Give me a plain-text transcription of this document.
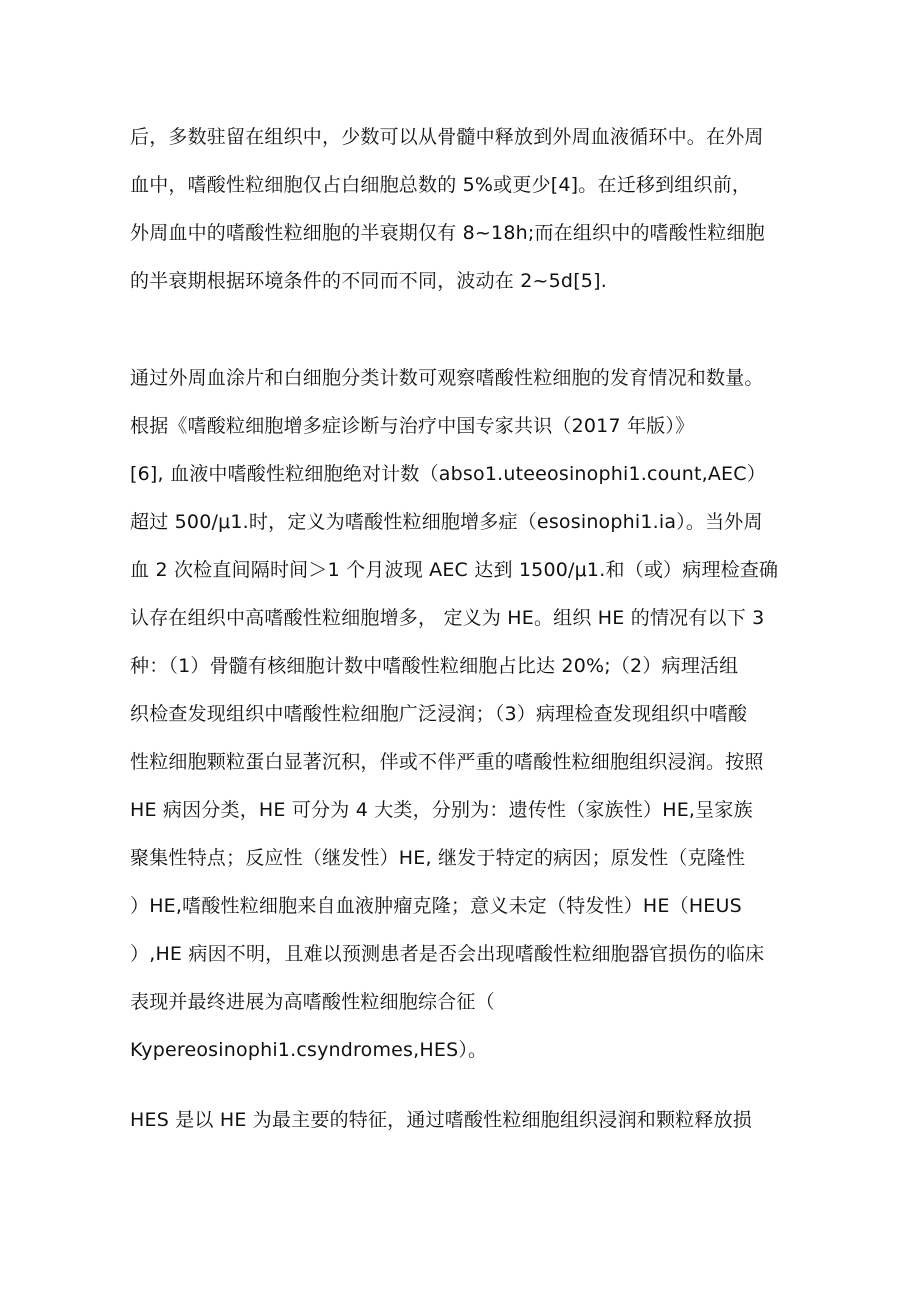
后，多数驻留在组织中，少数可以从骨髓中释放到外周血液循环中。在外周
血中，嗜酸性粒细胞仅占白细胞总数的 5%或更少[4]。在迁移到组织前，
外周血中的嗜酸性粒细胞的半衰期仅有 8~18h;而在组织中的嗜酸性粒细胞
的半衰期根据环境条件的不同而不同，波动在 2~5d[5].
通过外周血涂片和白细胞分类计数可观察嗜酸性粒细胞的发育情况和数量。
根据《嗜酸粒细胞增多症诊断与治疗中国专家共识（2017 年版）》
[6], 血液中嗜酸性粒细胞绝对计数（abso1.uteeosinophi1.count,AEC）
超过 500/μ1.时，定义为嗜酸性粒细胞增多症（esosinophi1.ia）。当外周
血 2 次检直间隔时间＞1 个月波现 AEC 达到 1500/μ1.和（或）病理检查确
认存在组织中高嗜酸性粒细胞增多， 定义为 HE。组织 HE 的情况有以下 3
种：（1）骨髓有核细胞计数中嗜酸性粒细胞占比达 20%;（2）病理活组
织检查发现组织中嗜酸性粒细胞广泛浸润；（3）病理检查发现组织中嗜酸
性粒细胞颗粒蛋白显著沉积，伴或不伴严重的嗜酸性粒细胞组织浸润。按照
HE 病因分类，HE 可分为 4 大类，分别为：遗传性（家族性）HE,呈家族
聚集性特点；反应性（继发性）HE, 继发于特定的病因；原发性（克隆性
）HE,嗜酸性粒细胞来自血液肿瘤克隆；意义未定（特发性）HE（HEUS
）,HE 病因不明，且难以预测患者是否会出现嗜酸性粒细胞器官损伤的临床
表现并最终进展为高嗜酸性粒细胞综合征（
Kypereosinophi1.csyndromes,HES）。
HES 是以 HE 为最主要的特征，通过嗜酸性粒细胞组织浸润和颗粒释放损
